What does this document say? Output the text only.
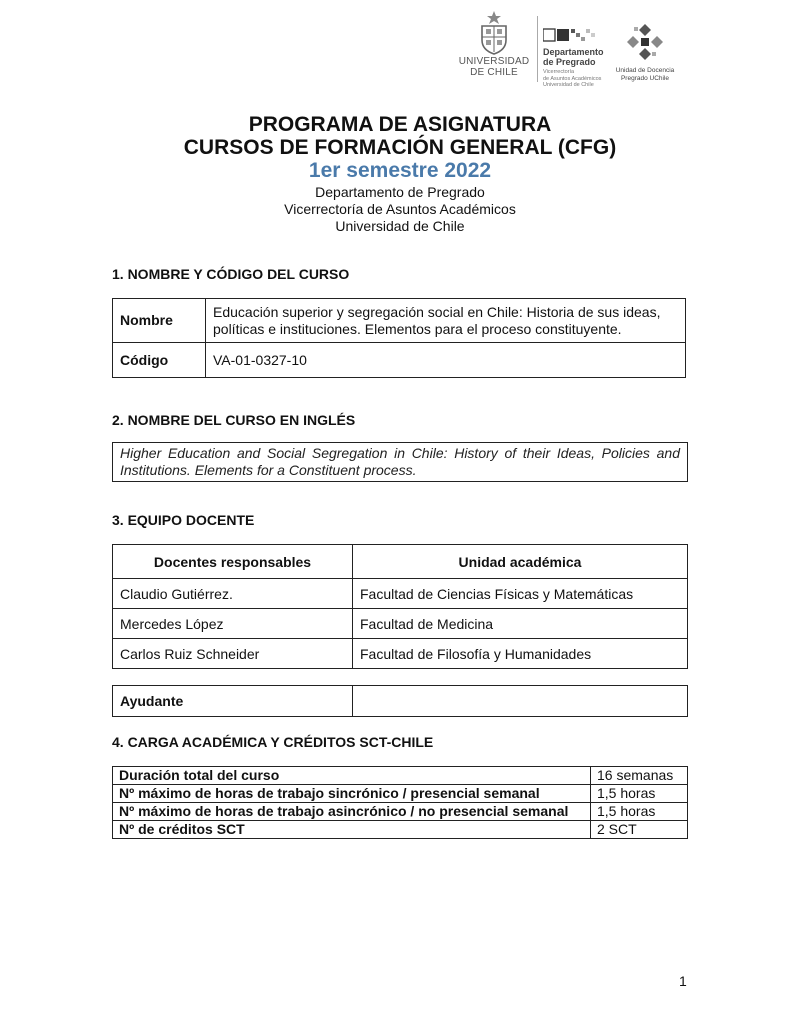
UNIVERSIDAD
DE CHILE
Departamento
de Pregrado
Vicerrectoría
de Asuntos Académicos
Universidad de Chile
Unidad de Docencia
Pregrado UChile
PROGRAMA DE ASIGNATURA
CURSOS DE FORMACIÓN GENERAL (CFG)
1er semestre 2022

Departamento de Pregrado

Vicerrectoría de Asuntos Académicos

Universidad de Chile

1. NOMBRE Y CÓDIGO DEL CURSO
Nombre	Educación superior y segregación social en Chile: Historia de sus ideas,
políticas e instituciones. Elementos para el proceso constituyente.

Código	VA-01-0327-10
2. NOMBRE DEL CURSO EN INGLÉS
Higher Education and Social Segregation in Chile: History of their Ideas, Policies and Institutions. Elements for a Constituent process.
3. EQUIPO DOCENTE
Docentes responsables	Unidad académica
Claudio Gutiérrez.	Facultad de Ciencias Físicas y Matemáticas
Mercedes López	Facultad de Medicina
Carlos Ruiz Schneider	Facultad de Filosofía y Humanidades
Ayudante	
4. CARGA ACADÉMICA Y CRÉDITOS SCT-CHILE
Duración total del curso	16 semanas
Nº máximo de horas de trabajo sincrónico / presencial semanal	1,5 horas
Nº máximo de horas de trabajo asincrónico / no presencial semanal	1,5 horas
Nº de créditos SCT	2 SCT

1
